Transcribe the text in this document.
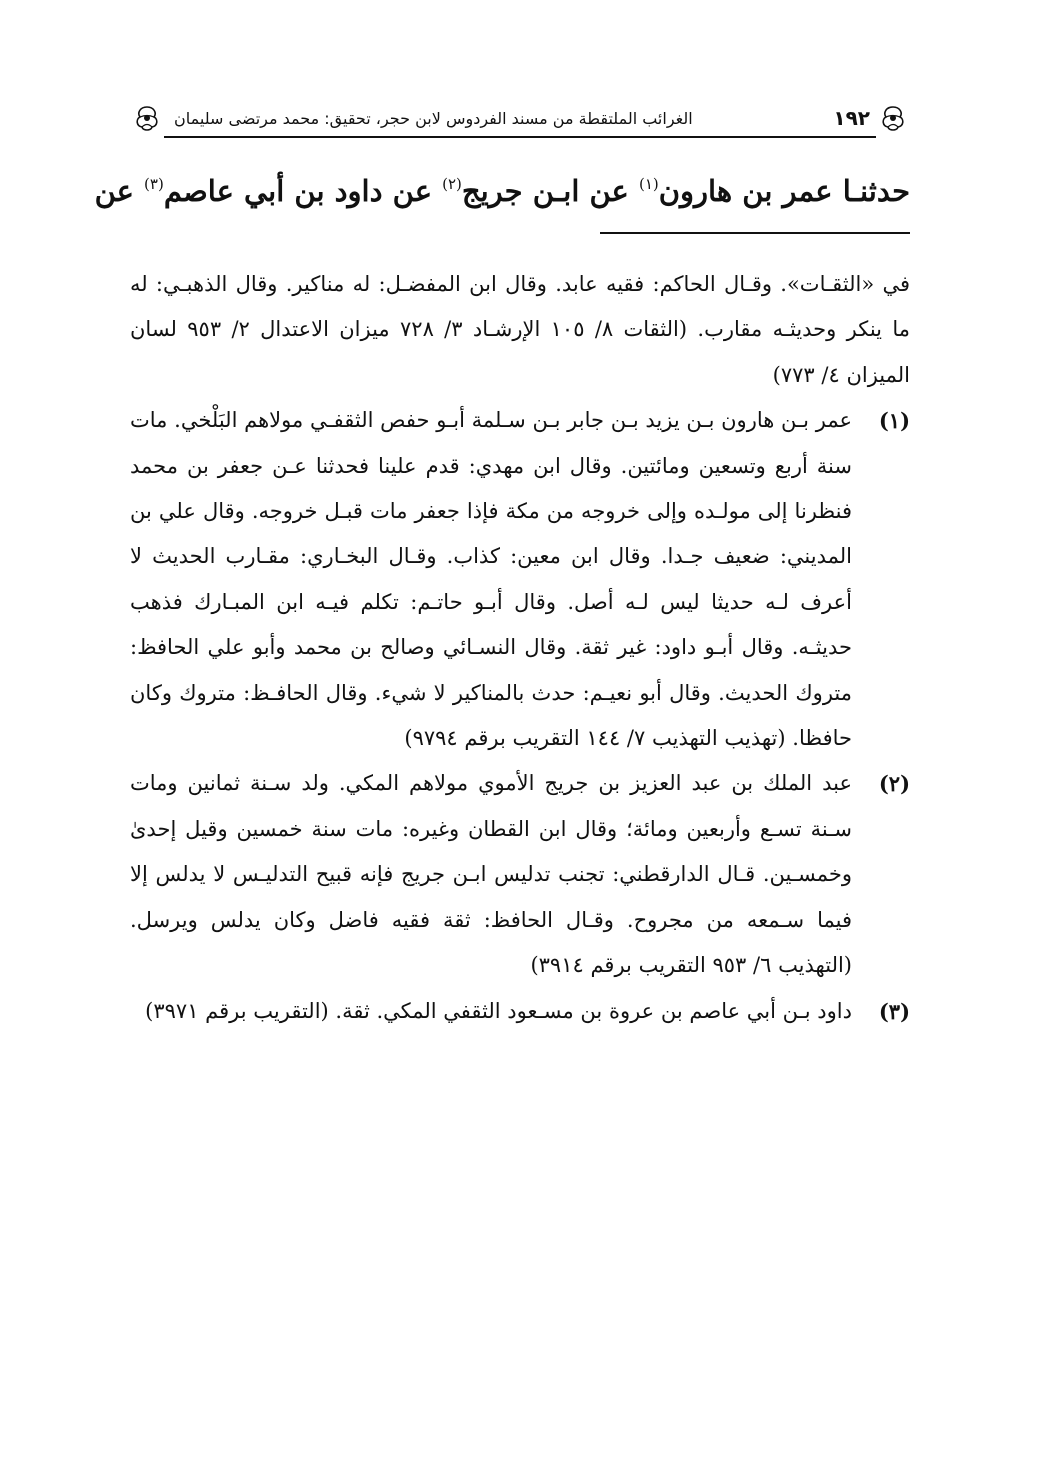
١٩٢
الغرائب الملتقطة من مسند الفردوس لابن حجر، تحقيق: محمد مرتضى سليمان
حدثنـا عمر بن هارون$^{(١)}$ عن ابـن جريج$^{(٢)}$ عن داود بن أبي عاصم$^{(٣)}$ عن

في «الثقـات». وقـال الحاكم: فقيه عابد. وقال ابن المفضـل: له مناكير. وقال الذهبـي: له ما ينكر وحديثـه مقارب. (الثقات ٨/ ١٠٥ الإرشـاد ٣/ ٧٢٨ ميزان الاعتدال ٢/ ٩٥٣ لسان الميزان ٤/ ٧٧٣)

(١)
عمر بـن هارون بـن يزيد بـن جابر بـن سـلمة أبـو حفص الثقفـي مولاهم البَلْخي. مات سنة أربع وتسعين ومائتين. وقال ابن مهدي: قدم علينا فحدثنا عـن جعفر بن محمد فنظرنا إلى مولـده وإلى خروجه من مكة فإذا جعفر مات قبـل خروجه. وقال علي بن المديني: ضعيف جـدا. وقال ابن معين: كذاب. وقـال البخـاري: مقـارب الحديث لا أعرف لـه حديثا ليس لـه أصل. وقال أبـو حاتـم: تكلم فيـه ابن المبـارك فذهب حديثـه. وقال أبـو داود: غير ثقة. وقال النسـائي وصالح بن محمد وأبو علي الحافظ: متروك الحديث. وقال أبو نعيـم: حدث بالمناكير لا شيء. وقال الحافـظ: متروك وكان حافظا. (تهذيب التهذيب ٧/ ١٤٤ التقريب برقم ٩٧٩٤)
(٢)
عبد الملك بن عبد العزيز بن جريج الأموي مولاهم المكي. ولد سـنة ثمانين ومات سـنة تسـع وأربعين ومائة؛ وقال ابن القطان وغيره: مات سنة خمسين وقيل إحدىٰ وخمسـين. قـال الدارقطني: تجنب تدليس ابـن جريج فإنه قبيح التدليـس لا يدلس إلا فيما سـمعه من مجروح. وقـال الحافظ: ثقة فقيه فاضل وكان يدلس ويرسل. (التهذيب ٦/ ٩٥٣ التقريب برقم ٣٩١٤)
(٣)
داود بـن أبي عاصم بن عروة بن مسـعود الثقفي المكي. ثقة. (التقريب برقم ٣٩٧١)
